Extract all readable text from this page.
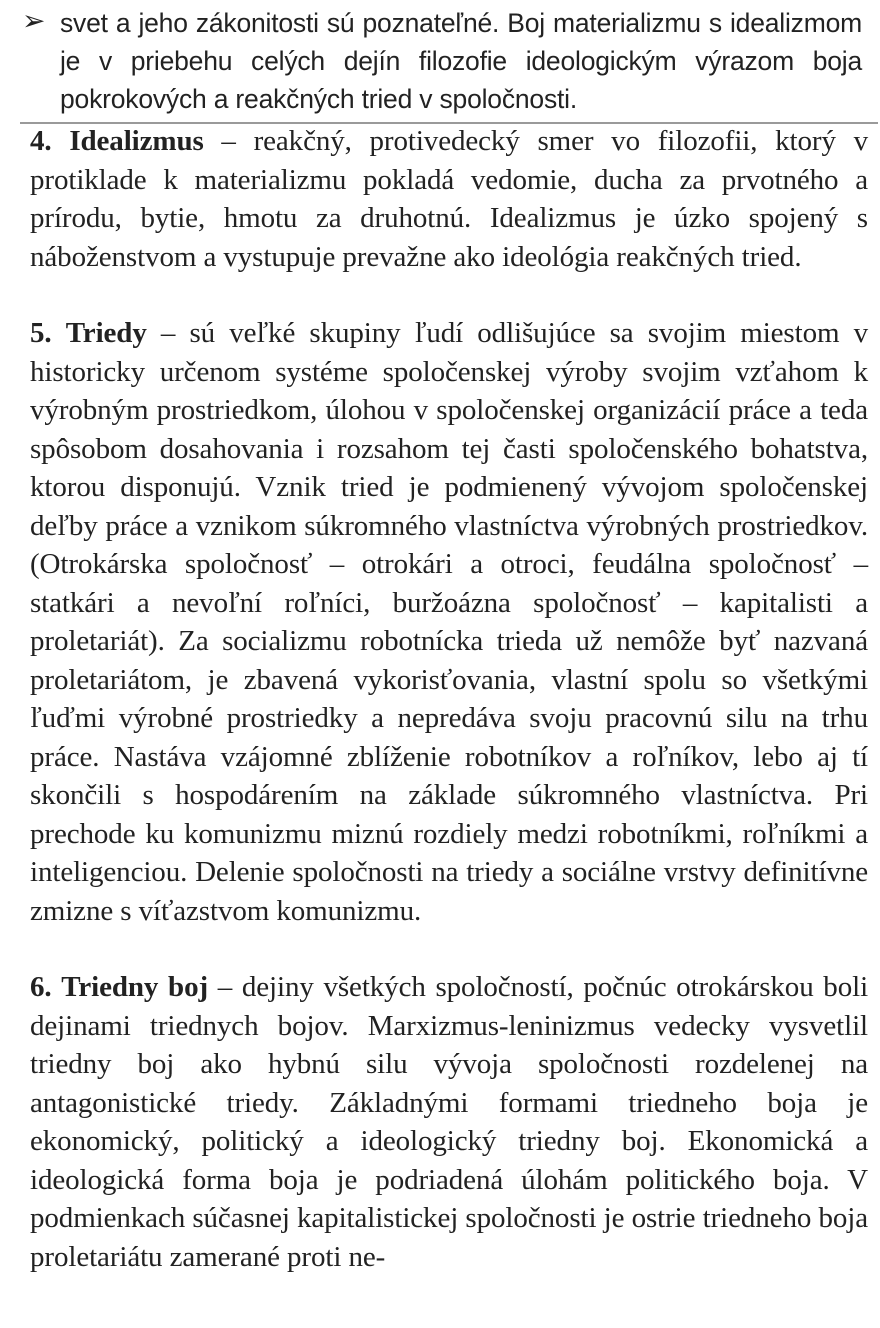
➢ svet a jeho zákonitosti sú poznateľné. Boj materializmu s idealizmom je v priebehu celých dejín filozofie ideologickým výrazom boja pokrokových a reakčných tried v spoločnosti.

4. Idealizmus – reakčný, protivedecký smer vo filozofii, ktorý v protiklade k materializmu pokladá vedomie, ducha za prvotného a prírodu, bytie, hmotu za druhotnú. Idealizmus je úzko spojený s náboženstvom a vystupuje prevažne ako ideológia reakčných tried.

5. Triedy – sú veľké skupiny ľudí odlišujúce sa svojim miestom v historicky určenom systéme spoločenskej výroby svojim vzťahom k výrobným prostriedkom, úlohou v spoločenskej organizácií práce a teda spôsobom dosahovania i rozsahom tej časti spoločenského bohatstva, ktorou disponujú. Vznik tried je podmienený vývojom spoločenskej deľby práce a vznikom súkromného vlastníctva výrobných prostriedkov. (Otrokárska spoločnosť – otrokári a otroci, feudálna spoločnosť – statkári a nevoľní roľníci, buržoázna spoločnosť – kapitalisti a proletariát). Za socializmu robotnícka trieda už nemôže byť nazvaná proletariátom, je zbavená vykorisťovania, vlastní spolu so všetkými ľuďmi výrobné prostriedky a nepredáva svoju pracovnú silu na trhu práce. Nastáva vzájomné zblíženie robotníkov a roľníkov, lebo aj tí skončili s hospodárením na základe súkromného vlastníctva. Pri prechode ku komunizmu miznú rozdiely medzi robotníkmi, roľníkmi a inteligenciou. Delenie spoločnosti na triedy a sociálne vrstvy definitívne zmizne s víťazstvom komunizmu.

6. Triedny boj – dejiny všetkých spoločností, počnúc otrokárskou boli dejinami triednych bojov. Marxizmus-leninizmus vedecky vysvetlil triedny boj ako hybnú silu vývoja spoločnosti rozdelenej na antagonistické triedy. Základnými formami triedneho boja je ekonomický, politický a ideologický triedny boj. Ekonomická a ideologická forma boja je podriadená úlohám politického boja. V podmienkach súčasnej kapitalistickej spoločnosti je ostrie triedneho boja proletariátu zamerané proti ne-
